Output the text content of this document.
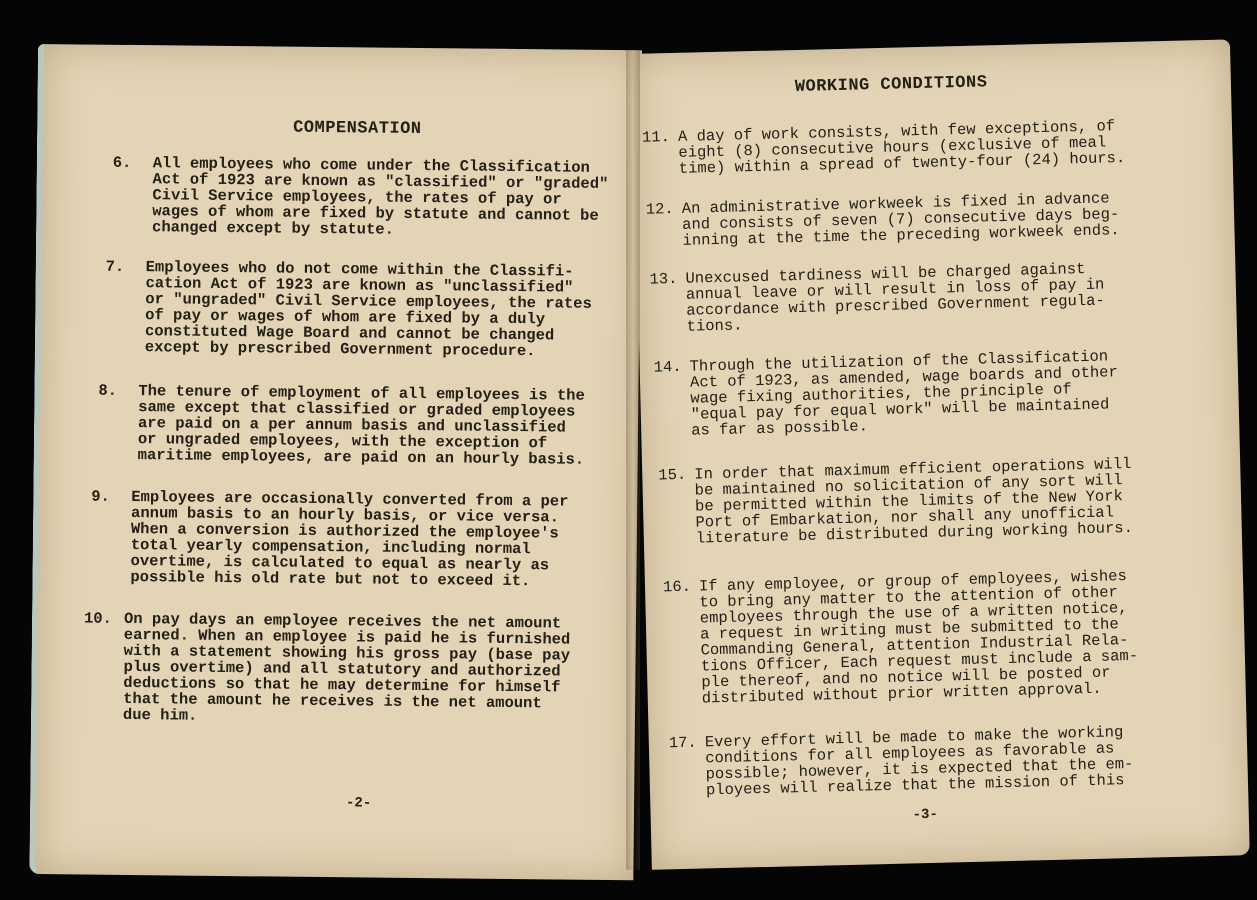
COMPENSATION
6.	All employees who come under the Classification
Act of 1923 are known as "classified" or "graded"
Civil Service employees, the rates of pay or
wages of whom are fixed by statute and cannot be
changed except by statute.
7.	Employees who do not come within the Classifi-
cation Act of 1923 are known as "unclassified"
or "ungraded" Civil Service employees, the rates
of pay or wages of whom are fixed by a duly
constituted Wage Board and cannot be changed
except by prescribed Government procedure.
8.	The tenure of employment of all employees is the
same except that classified or graded employees
are paid on a per annum basis and unclassified
or ungraded employees, with the exception of
maritime employees, are paid on an hourly basis.
9.	Employees are occasionally converted from a per
annum basis to an hourly basis, or vice versa.
When a conversion is authorized the employee's
total yearly compensation, including normal
overtime, is calculated to equal as nearly as
possible his old rate but not to exceed it.
10. On pay days an employee receives the net amount
earned. When an employee is paid he is furnished
with a statement showing his gross pay (base pay
plus overtime) and all statutory and authorized
deductions so that he may determine for himself
that the amount he receives is the net amount
due him.
-2-
WORKING CONDITIONS
11. A day of work consists, with few exceptions, of
eight (8) consecutive hours (exclusive of meal
time) within a spread of twenty-four (24) hours.
12. An administrative workweek is fixed in advance
and consists of seven (7) consecutive days beg-
inning at the time the preceding workweek ends.
13. Unexcused tardiness will be charged against
annual leave or will result in loss of pay in
accordance with prescribed Government regula-
tions.
14. Through the utilization of the Classification
Act of 1923, as amended, wage boards and other
wage fixing authorities, the principle of
"equal pay for equal work" will be maintained
as far as possible.
15. In order that maximum efficient operations will
be maintained no solicitation of any sort will
be permitted within the limits of the New York
Port of Embarkation, nor shall any unofficial
literature be distributed during working hours.
16. If any employee, or group of employees, wishes
to bring any matter to the attention of other
employees through the use of a written notice,
a request in writing must be submitted to the
Commanding General, attention Industrial Rela-
tions Officer, Each request must include a sam-
ple thereof, and no notice will be posted or
distributed without prior written approval.
17. Every effort will be made to make the working
conditions for all employees as favorable as
possible; however, it is expected that the em-
ployees will realize that the mission of this
-3-
